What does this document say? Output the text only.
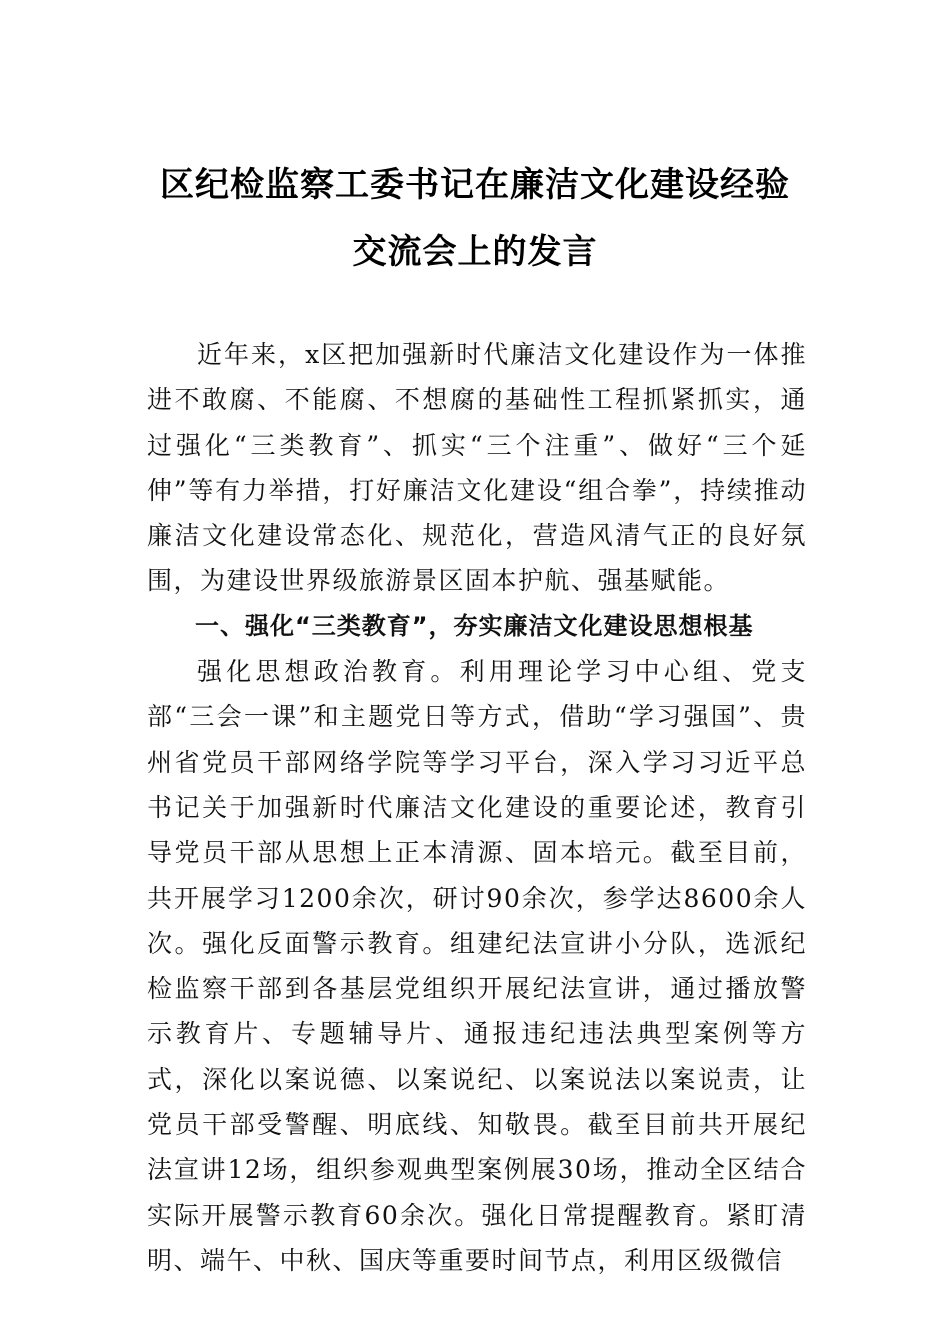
区纪检监察工委书记在廉洁文化建设经验
交流会上的发言

近年来，x区把加强新时代廉洁文化建设作为一体推进不敢腐、不能腐、不想腐的基础性工程抓紧抓实，通过强化“三类教育”、抓实“三个注重”、做好“三个延伸”等有力举措，打好廉洁文化建设“组合拳”，持续推动廉洁文化建设常态化、规范化，营造风清气正的良好氛围，为建设世界级旅游景区固本护航、强基赋能。

一、强化“三类教育”，夯实廉洁文化建设思想根基

强化思想政治教育。利用理论学习中心组、党支部“三会一课”和主题党日等方式，借助“学习强国”、贵州省党员干部网络学院等学习平台，深入学习习近平总书记关于加强新时代廉洁文化建设的重要论述，教育引导党员干部从思想上正本清源、固本培元。截至目前，共开展学习1200余次，研讨90余次，参学达8600余人次。强化反面警示教育。组建纪法宣讲小分队，选派纪检监察干部到各基层党组织开展纪法宣讲，通过播放警示教育片、专题辅导片、通报违纪违法典型案例等方式，深化以案说德、以案说纪、以案说法以案说责，让党员干部受警醒、明底线、知敬畏。截至目前共开展纪法宣讲12场，组织参观典型案例展30场，推动全区结合实际开展警示教育60余次。强化日常提醒教育。紧盯清明、端午、中秋、国庆等重要时间节点，利用区级微信
